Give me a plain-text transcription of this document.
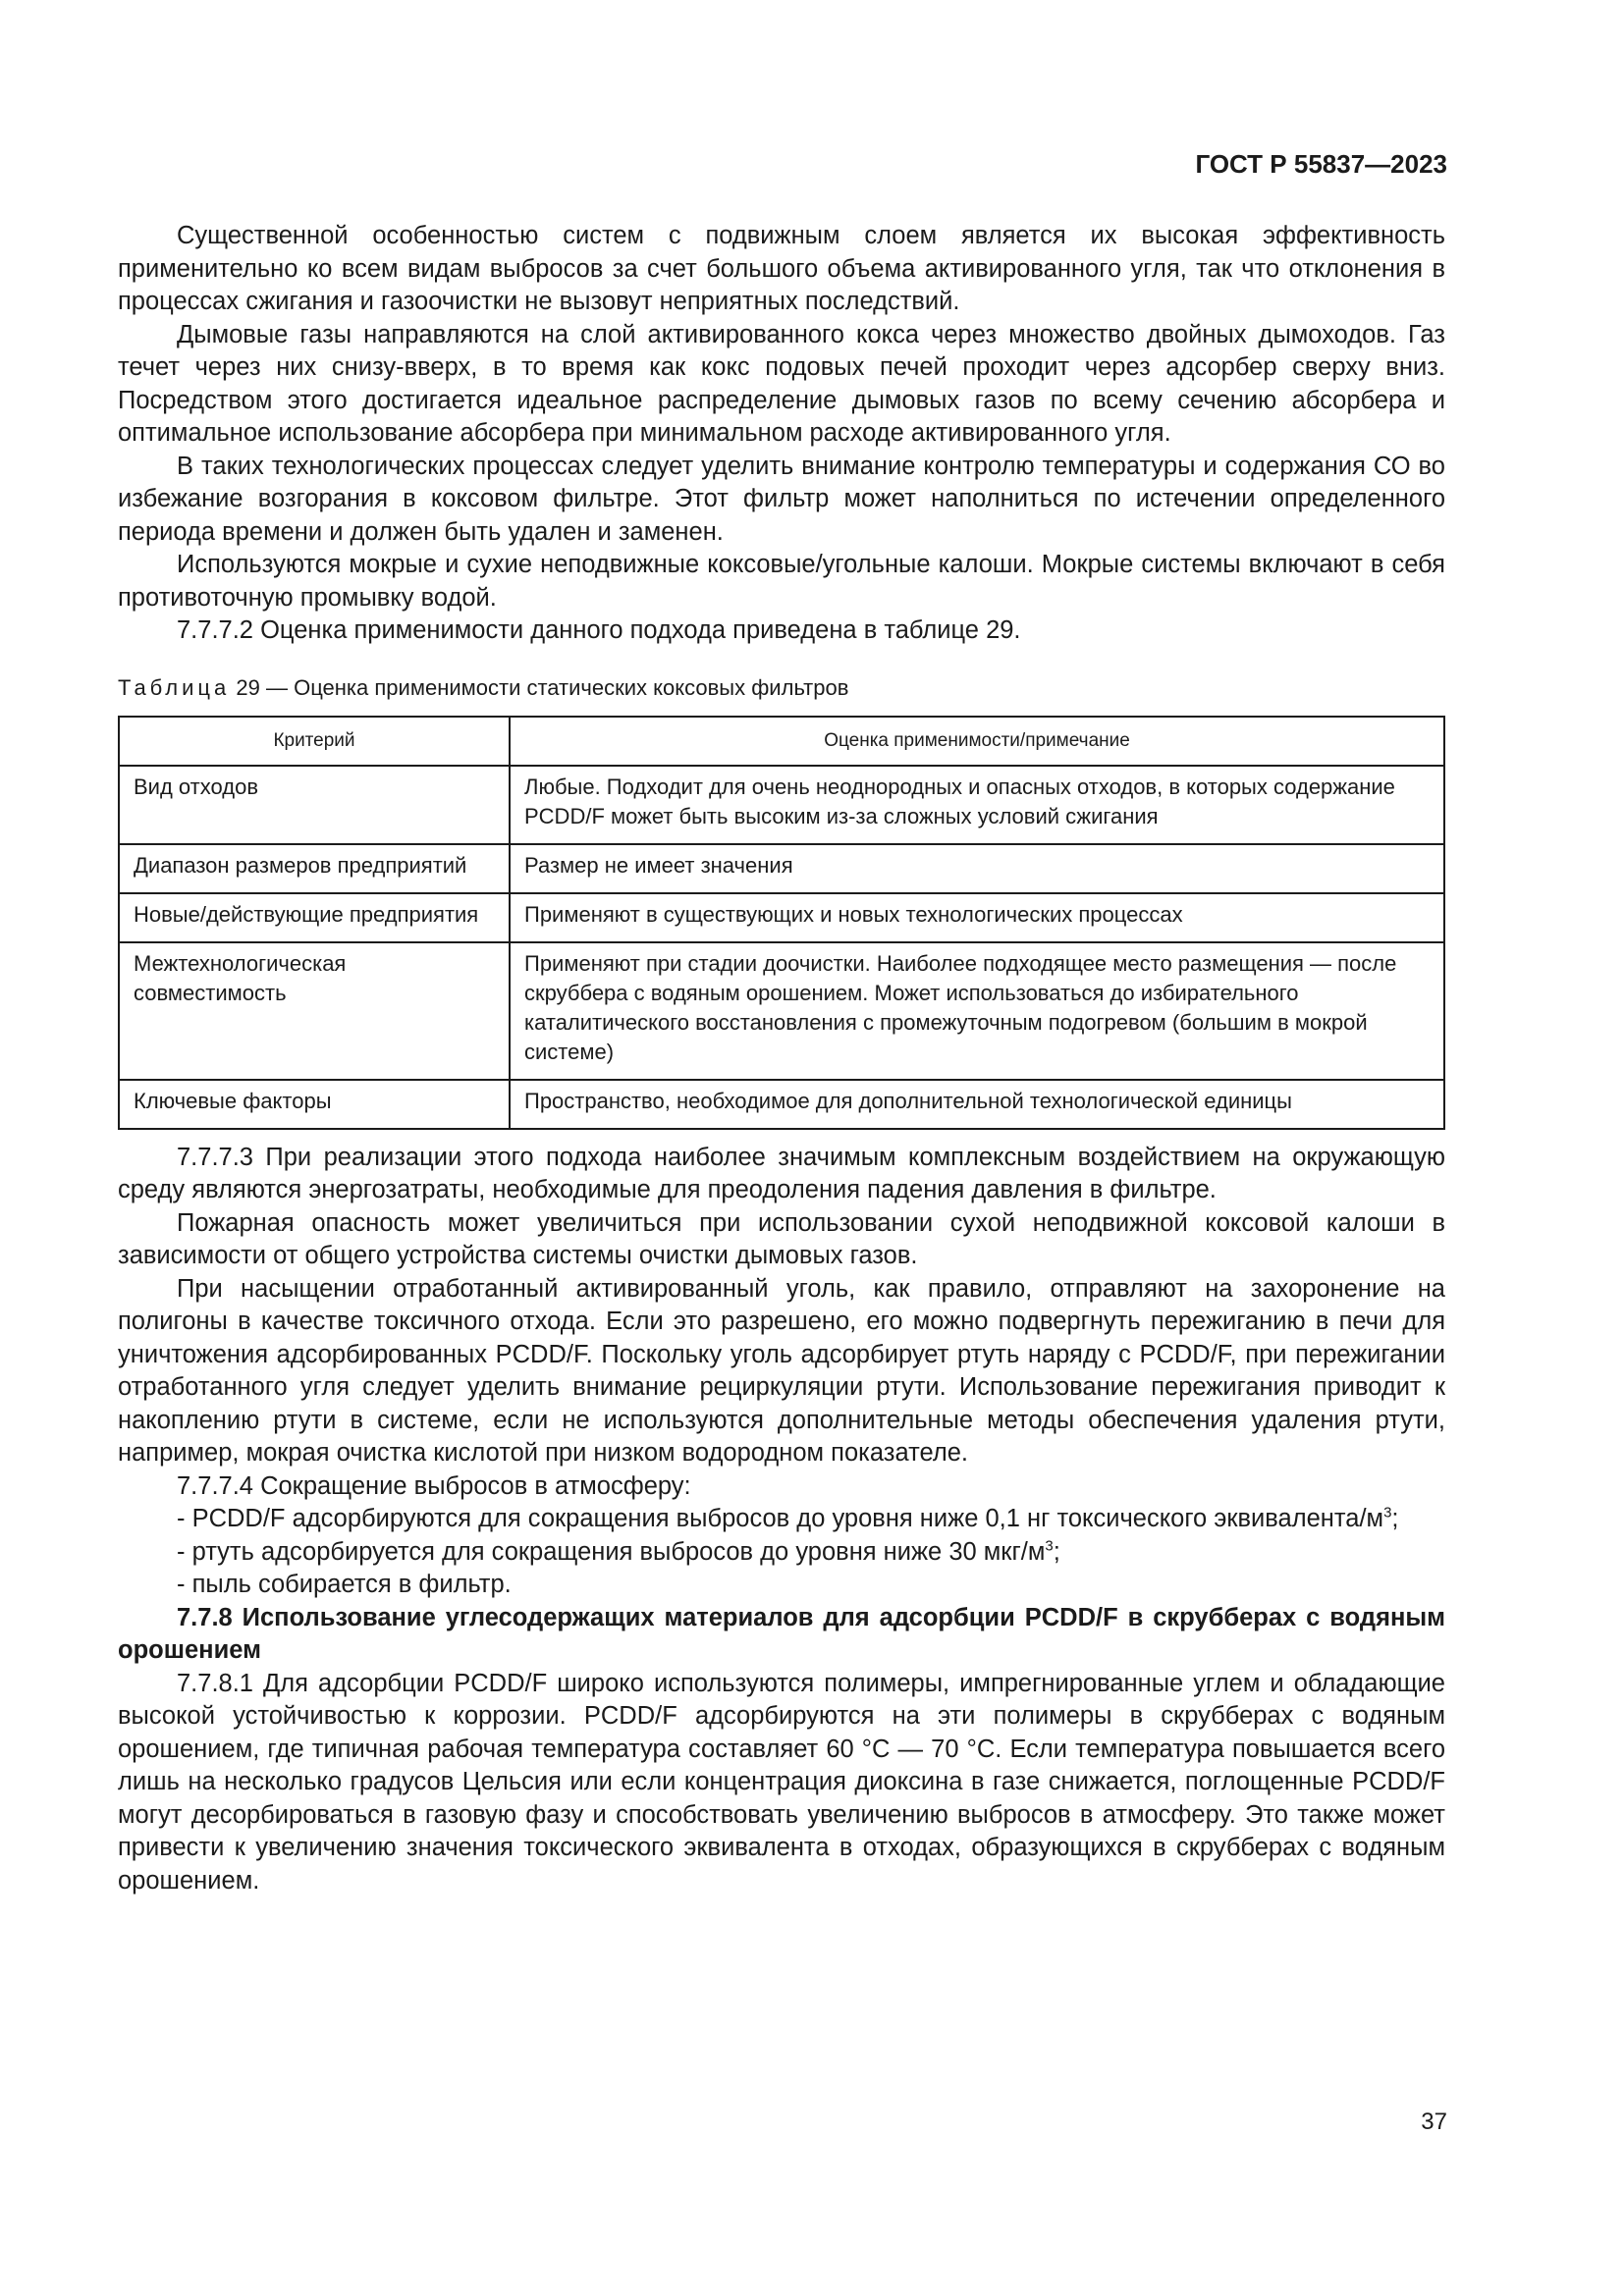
ГОСТ Р 55837—2023

Существенной особенностью систем с подвижным слоем является их высокая эффективность применительно ко всем видам выбросов за счет большого объема активированного угля, так что отклонения в процессах сжигания и газоочистки не вызовут неприятных последствий.

Дымовые газы направляются на слой активированного кокса через множество двойных дымоходов. Газ течет через них снизу-вверх, в то время как кокс подовых печей проходит через адсорбер сверху вниз. Посредством этого достигается идеальное распределение дымовых газов по всему сечению абсорбера и оптимальное использование абсорбера при минимальном расходе активированного угля.

В таких технологических процессах следует уделить внимание контролю температуры и содержания СО во избежание возгорания в коксовом фильтре. Этот фильтр может наполниться по истечении определенного периода времени и должен быть удален и заменен.

Используются мокрые и сухие неподвижные коксовые/угольные калоши. Мокрые системы включают в себя противоточную промывку водой.

7.7.7.2 Оценка применимости данного подхода приведена в таблице 29.

Таблица 29 — Оценка применимости статических коксовых фильтров
Критерий	Оценка применимости/примечание
Вид отходов	Любые. Подходит для очень неоднородных и опасных отходов, в которых содержание PCDD/F может быть высоким из-за сложных условий сжигания
Диапазон размеров предприятий	Размер не имеет значения
Новые/действующие предприятия	Применяют в существующих и новых технологических процессах
Межтехнологическая совместимость	Применяют при стадии доочистки. Наиболее подходящее место размещения — после скруббера с водяным орошением. Может использоваться до избирательного каталитического восстановления с промежуточным подогревом (большим в мокрой системе)
Ключевые факторы	Пространство, необходимое для дополнительной технологической единицы

7.7.7.3 При реализации этого подхода наиболее значимым комплексным воздействием на окружающую среду являются энергозатраты, необходимые для преодоления падения давления в фильтре.

Пожарная опасность может увеличиться при использовании сухой неподвижной коксовой калоши в зависимости от общего устройства системы очистки дымовых газов.

При насыщении отработанный активированный уголь, как правило, отправляют на захоронение на полигоны в качестве токсичного отхода. Если это разрешено, его можно подвергнуть пережиганию в печи для уничтожения адсорбированных PCDD/F. Поскольку уголь адсорбирует ртуть наряду с PCDD/F, при пережигании отработанного угля следует уделить внимание рециркуляции ртути. Использование пережигания приводит к накоплению ртути в системе, если не используются дополнительные методы обеспечения удаления ртути, например, мокрая очистка кислотой при низком водородном показателе.

7.7.7.4 Сокращение выбросов в атмосферу:

- PCDD/F адсорбируются для сокращения выбросов до уровня ниже 0,1 нг токсического эквивалента/$м^3$;

- ртуть адсорбируется для сокращения выбросов до уровня ниже 30 мкг/$м^3$;

- пыль собирается в фильтр.

7.7.8 Использование углесодержащих материалов для адсорбции PCDD/F в скрубберах с водяным орошением

7.7.8.1 Для адсорбции PCDD/F широко используются полимеры, импрегнированные углем и обладающие высокой устойчивостью к коррозии. PCDD/F адсорбируются на эти полимеры в скрубберах с водяным орошением, где типичная рабочая температура составляет 60 °C — 70 °C. Если температура повышается всего лишь на несколько градусов Цельсия или если концентрация диоксина в газе снижается, поглощенные PCDD/F могут десорбироваться в газовую фазу и способствовать увеличению выбросов в атмосферу. Это также может привести к увеличению значения токсического эквивалента в отходах, образующихся в скрубберах с водяным орошением.

37
